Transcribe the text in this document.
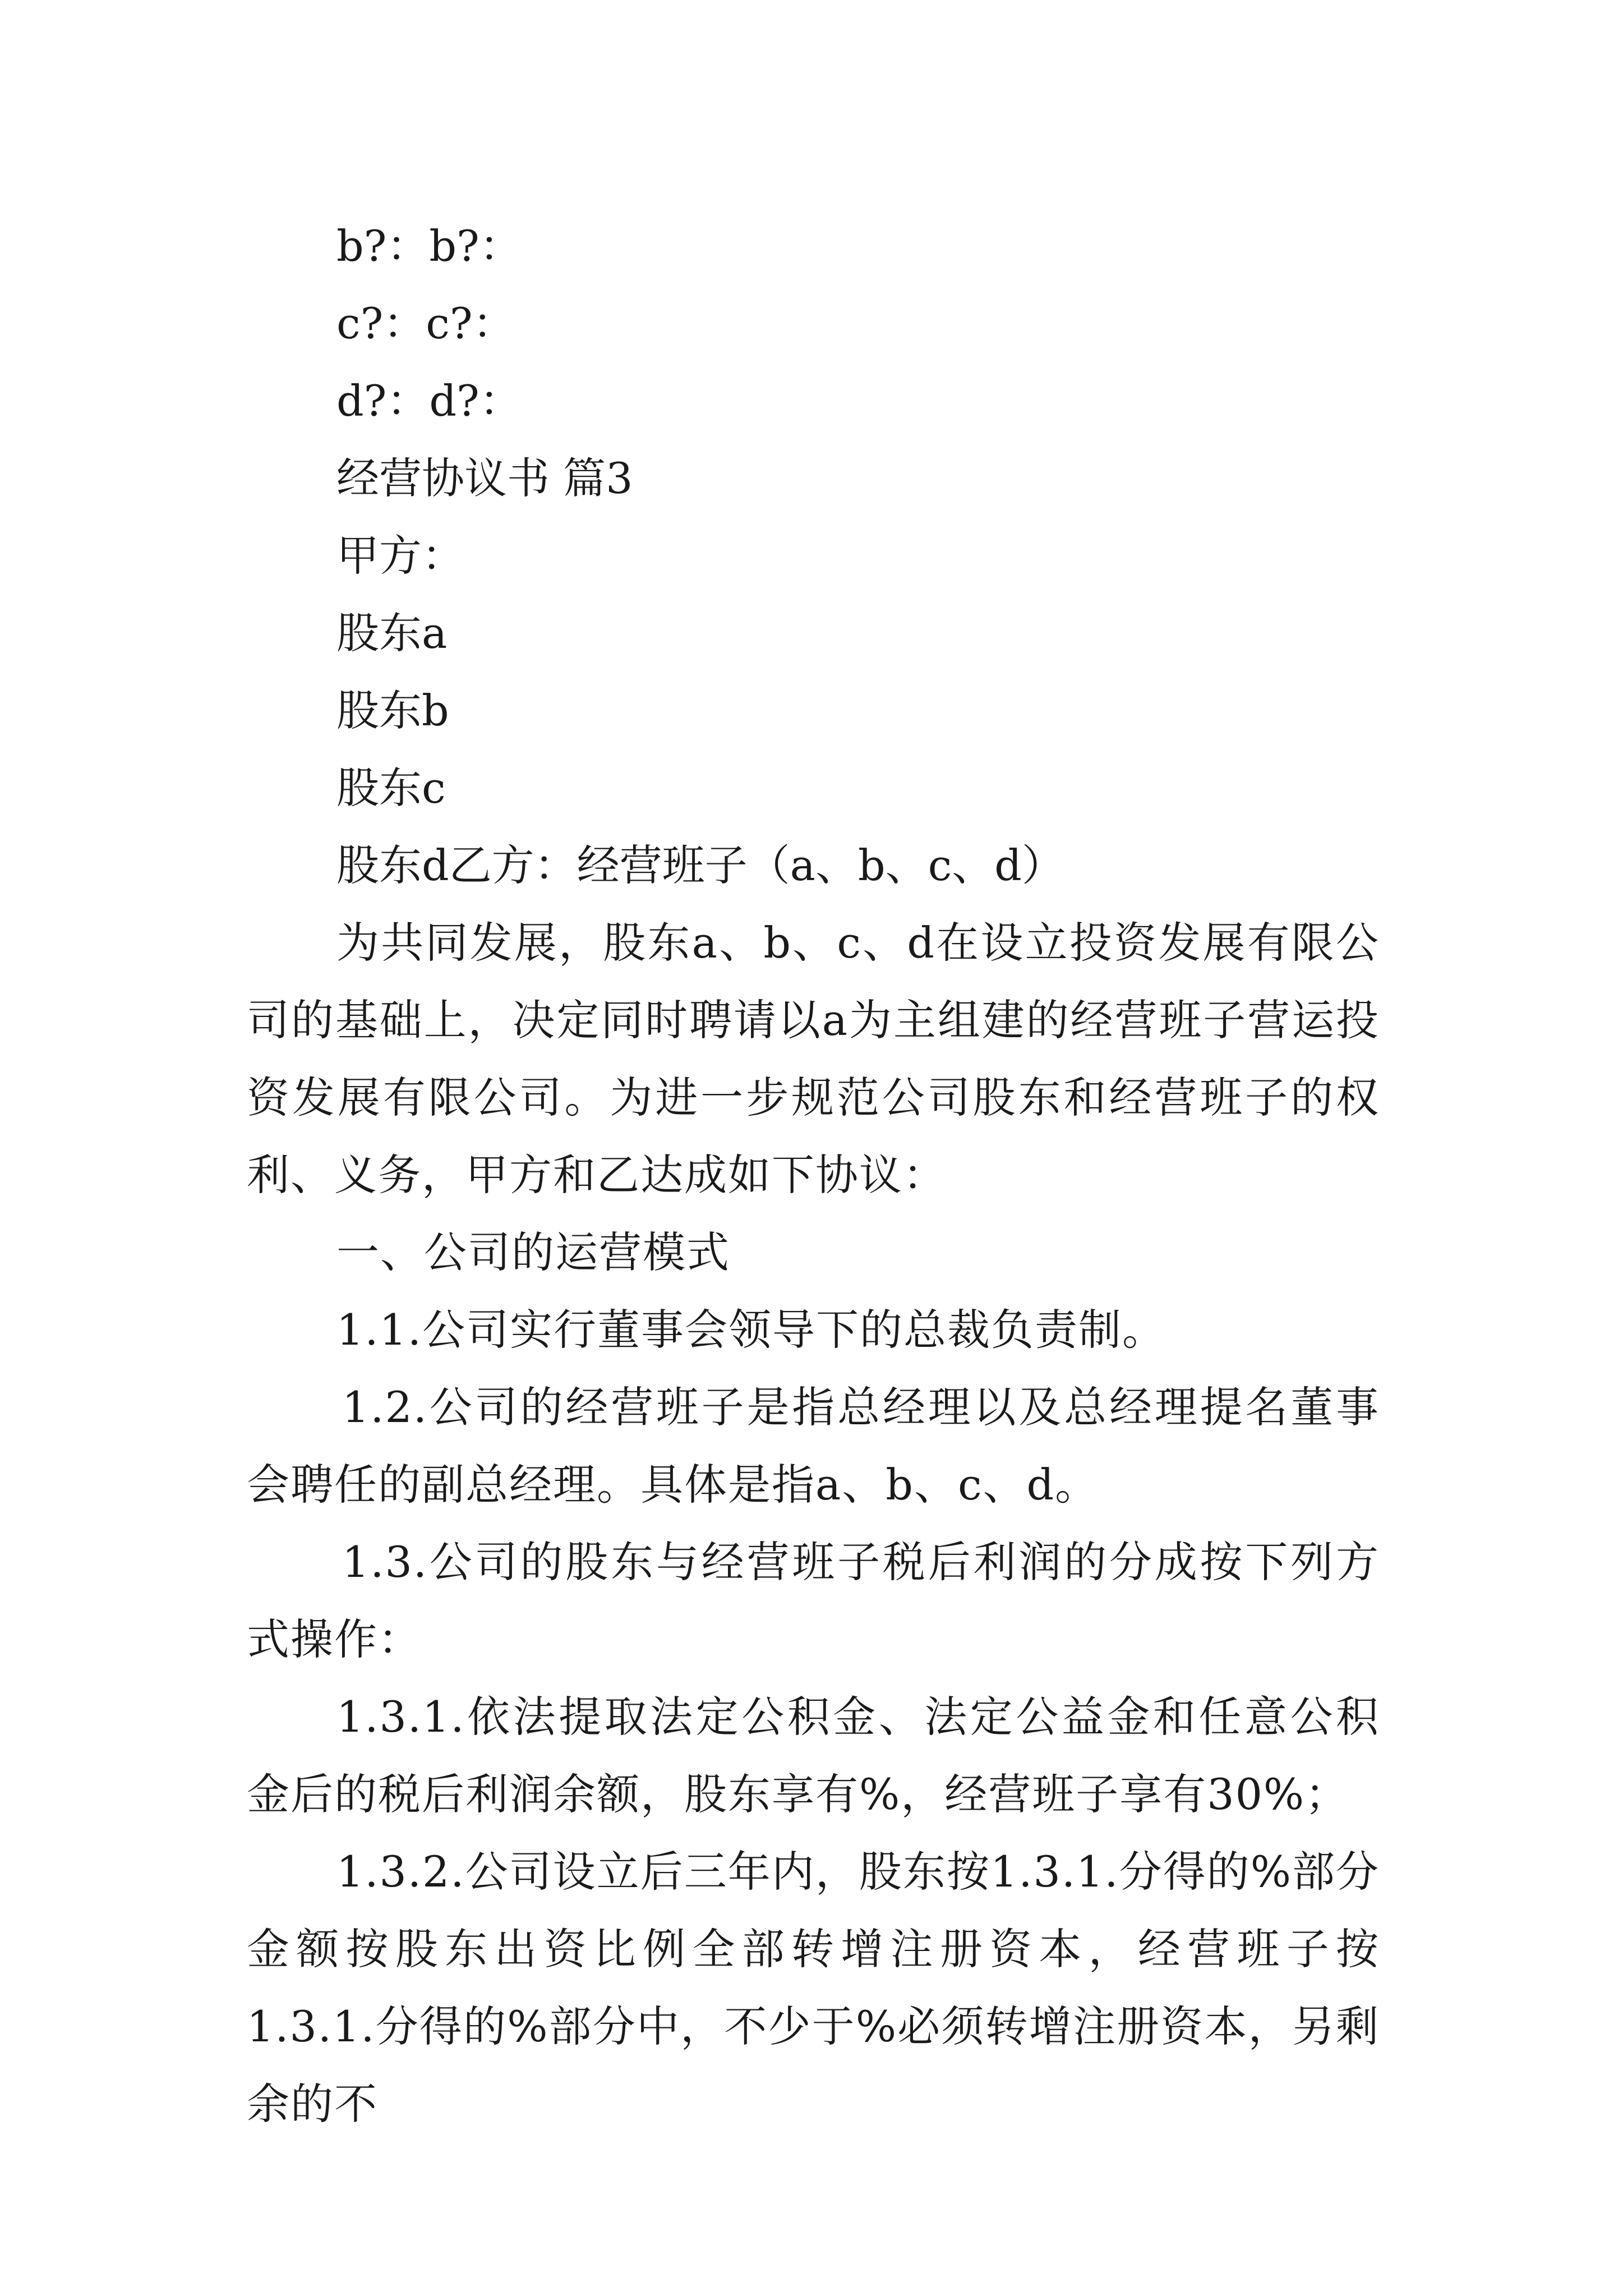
b?：b?：

c?：c?：

d?：d?：

经营协议书 篇3

甲方：

股东a

股东b

股东c

股东d乙方：经营班子（a、b、c、d）

为共同发展，股东a、b、c、d在设立投资发展有限公司的基础上，决定同时聘请以a为主组建的经营班子营运投资发展有限公司。为进一步规范公司股东和经营班子的权利、义务，甲方和乙达成如下协议：

一、公司的运营模式

1.1.公司实行董事会领导下的总裁负责制。

1.2.公司的经营班子是指总经理以及总经理提名董事会聘任的副总经理。具体是指a、b、c、d。

1.3.公司的股东与经营班子税后利润的分成按下列方式操作：

1.3.1.依法提取法定公积金、法定公益金和任意公积金后的税后利润余额，股东享有%，经营班子享有30%；

1.3.2.公司设立后三年内，股东按1.3.1.分得的%部分金额按股东出资比例全部转增注册资本，经营班子按1.3.1.分得的%部分中，不少于%必须转增注册资本，另剩余的不
